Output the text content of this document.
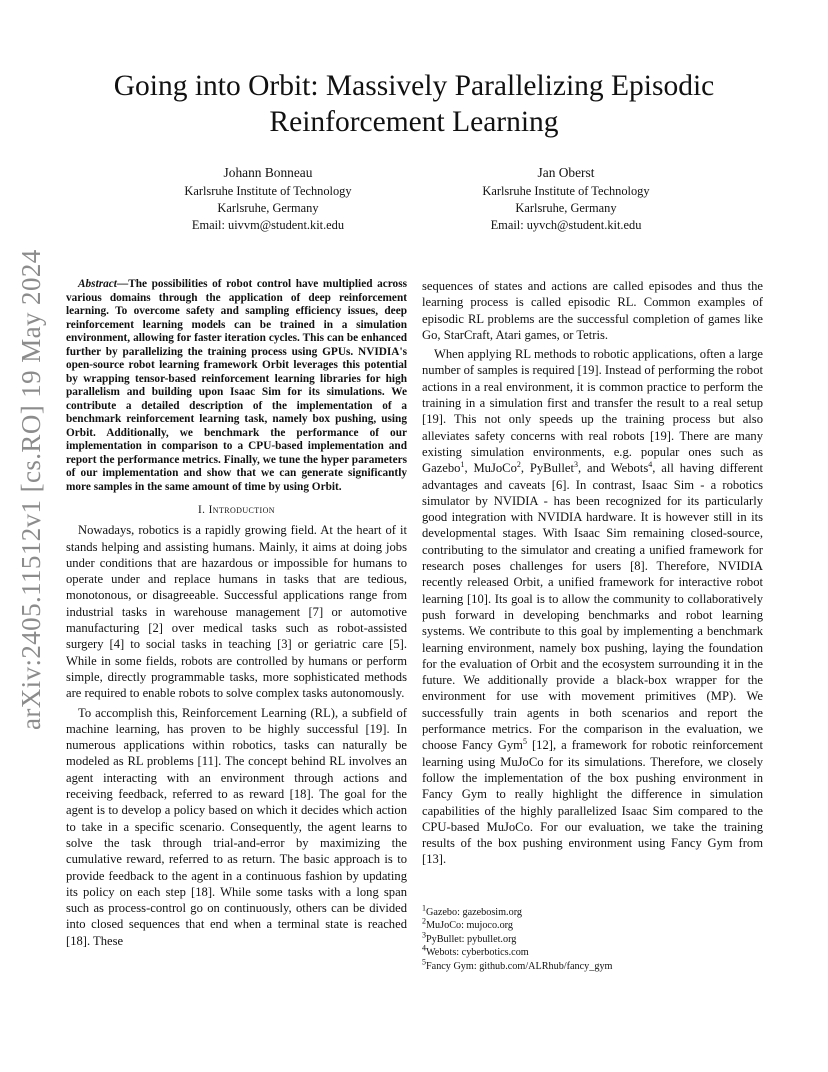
arXiv:2405.11512v1 [cs.RO] 19 May 2024
Going into Orbit: Massively Parallelizing Episodic Reinforcement Learning
Johann Bonneau
Karlsruhe Institute of Technology
Karlsruhe, Germany
Email: uivvm@student.kit.edu
Jan Oberst
Karlsruhe Institute of Technology
Karlsruhe, Germany
Email: uyvch@student.kit.edu

Abstract—The possibilities of robot control have multiplied across various domains through the application of deep reinforcement learning. To overcome safety and sampling efficiency issues, deep reinforcement learning models can be trained in a simulation environment, allowing for faster iteration cycles. This can be enhanced further by parallelizing the training process using GPUs. NVIDIA's open-source robot learning framework Orbit leverages this potential by wrapping tensor-based reinforcement learning libraries for high parallelism and building upon Isaac Sim for its simulations. We contribute a detailed description of the implementation of a benchmark reinforcement learning task, namely box pushing, using Orbit. Additionally, we benchmark the performance of our implementation in comparison to a CPU-based implementation and report the performance metrics. Finally, we tune the hyper parameters of our implementation and show that we can generate significantly more samples in the same amount of time by using Orbit.

I. Introduction

Nowadays, robotics is a rapidly growing field. At the heart of it stands helping and assisting humans. Mainly, it aims at doing jobs under conditions that are hazardous or impossible for humans to operate under and replace humans in tasks that are tedious, monotonous, or disagreeable. Successful applications range from industrial tasks in warehouse management [7] or automotive manufacturing [2] over medical tasks such as robot-assisted surgery [4] to social tasks in teaching [3] or geriatric care [5]. While in some fields, robots are controlled by humans or perform simple, directly programmable tasks, more sophisticated methods are required to enable robots to solve complex tasks autonomously.

To accomplish this, Reinforcement Learning (RL), a subfield of machine learning, has proven to be highly successful [19]. In numerous applications within robotics, tasks can naturally be modeled as RL problems [11]. The concept behind RL involves an agent interacting with an environment through actions and receiving feedback, referred to as reward [18]. The goal for the agent is to develop a policy based on which it decides which action to take in a specific scenario. Consequently, the agent learns to solve the task through trial-and-error by maximizing the cumulative reward, referred to as return. The basic approach is to provide feedback to the agent in a continuous fashion by updating its policy on each step [18]. While some tasks with a long span such as process-control go on continuously, others can be divided into closed sequences that end when a terminal state is reached [18]. These

sequences of states and actions are called episodes and thus the learning process is called episodic RL. Common examples of episodic RL problems are the successful completion of games like Go, StarCraft, Atari games, or Tetris.

When applying RL methods to robotic applications, often a large number of samples is required [19]. Instead of performing the robot actions in a real environment, it is common practice to perform the training in a simulation first and transfer the result to a real setup [19]. This not only speeds up the training process but also alleviates safety concerns with real robots [19]. There are many existing simulation environments, e.g. popular ones such as Gazebo$^1$, MuJoCo$^2$, PyBullet$^3$, and Webots$^4$, all having different advantages and caveats [6]. In contrast, Isaac Sim - a robotics simulator by NVIDIA - has been recognized for its particularly good integration with NVIDIA hardware. It is however still in its developmental stages. With Isaac Sim remaining closed-source, contributing to the simulator and creating a unified framework for research poses challenges for users [8]. Therefore, NVIDIA recently released Orbit, a unified framework for interactive robot learning [10]. Its goal is to allow the community to collaboratively push forward in developing benchmarks and robot learning systems. We contribute to this goal by implementing a benchmark learning environment, namely box pushing, laying the foundation for the evaluation of Orbit and the ecosystem surrounding it in the future. We additionally provide a black-box wrapper for the environment for use with movement primitives (MP). We successfully train agents in both scenarios and report the performance metrics. For the comparison in the evaluation, we choose Fancy Gym$^5$ [12], a framework for robotic reinforcement learning using MuJoCo for its simulations. Therefore, we closely follow the implementation of the box pushing environment in Fancy Gym to really highlight the difference in simulation capabilities of the highly parallelized Isaac Sim compared to the CPU-based MuJoCo. For our evaluation, we take the training results of the box pushing environment using Fancy Gym from [13].

$^1$Gazebo: gazebosim.org
$^2$MuJoCo: mujoco.org
$^3$PyBullet: pybullet.org
$^4$Webots: cyberbotics.com
$^5$Fancy Gym: github.com/ALRhub/fancy_gym
